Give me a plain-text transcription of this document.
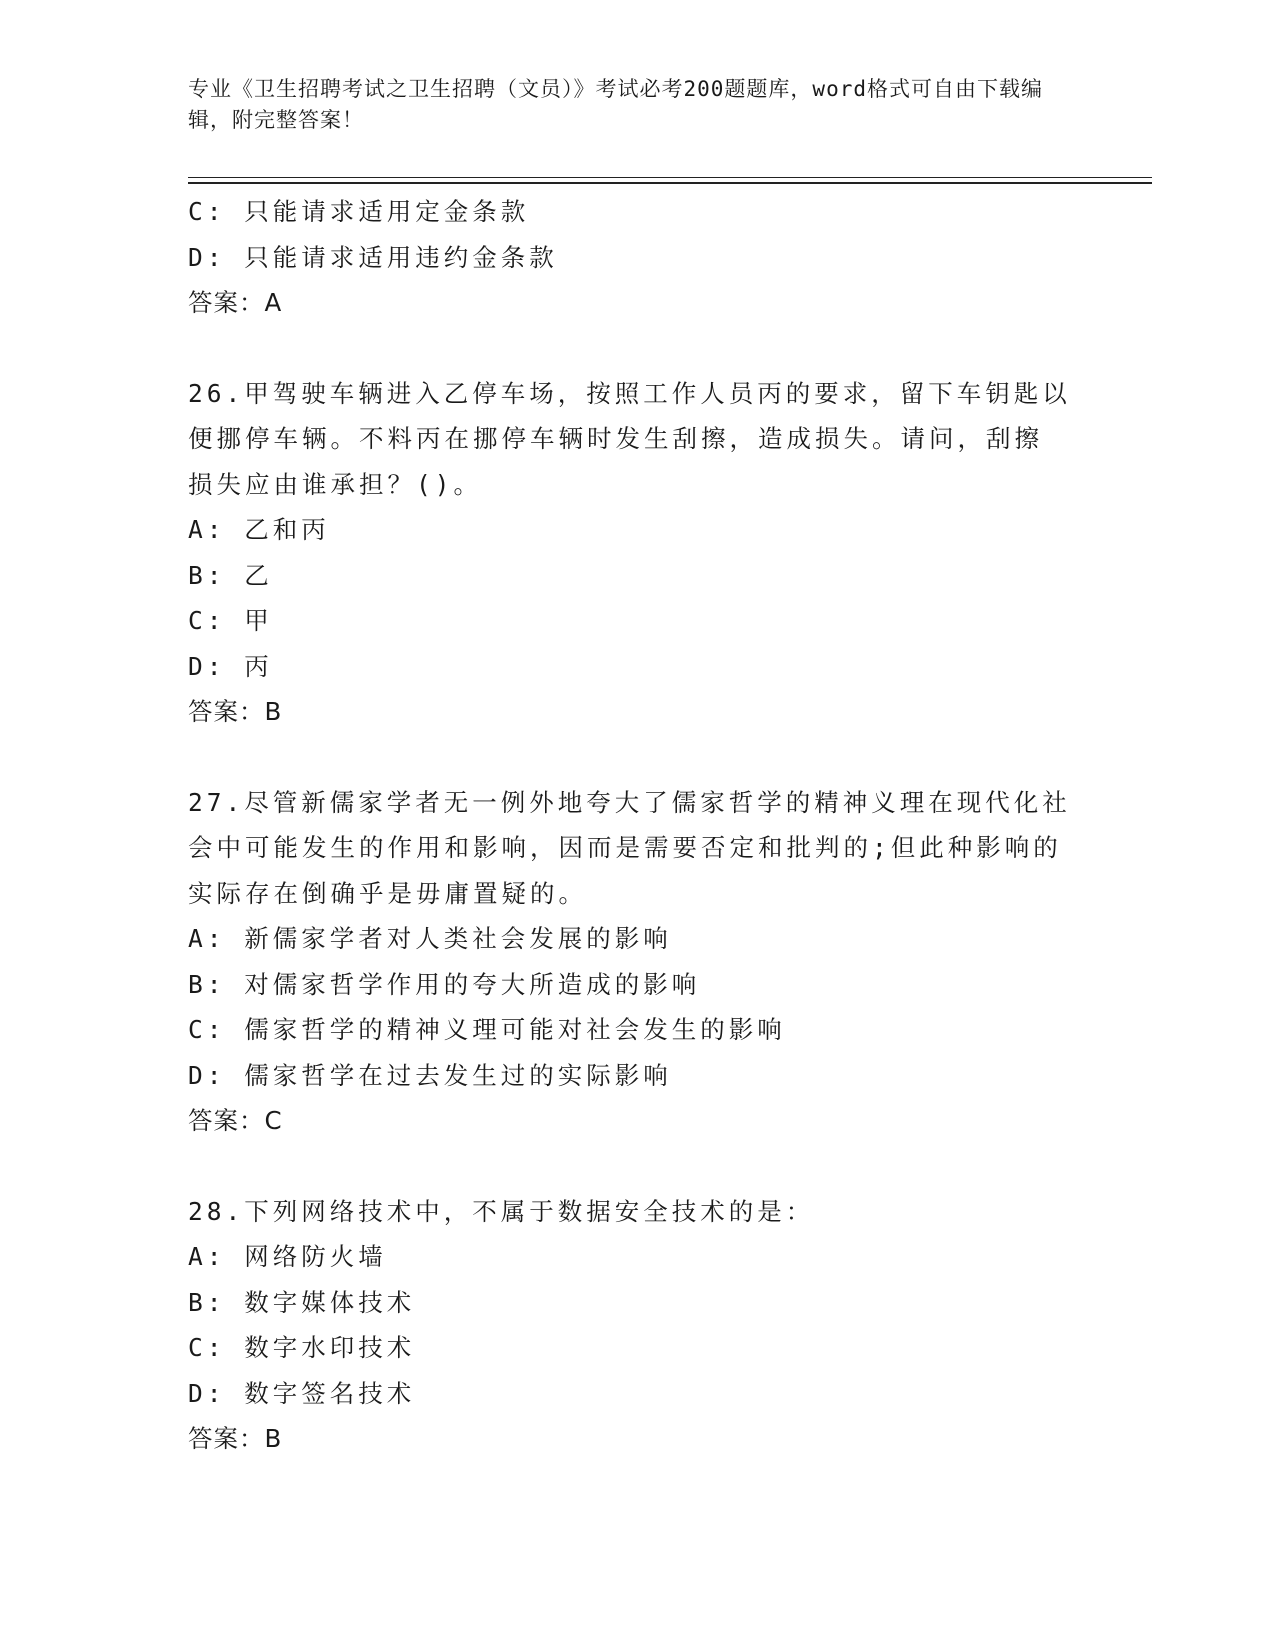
专业《卫生招聘考试之卫生招聘（文员）》考试必考200题题库，word格式可自由下载编辑，附完整答案！

C: 只能请求适用定金条款

D: 只能请求适用违约金条款

答案：A

26.甲驾驶车辆进入乙停车场，按照工作人员丙的要求，留下车钥匙以

便挪停车辆。不料丙在挪停车辆时发生刮擦，造成损失。请问，刮擦

损失应由谁承担？()。

A: 乙和丙

B: 乙

C: 甲

D: 丙

答案：B

27.尽管新儒家学者无一例外地夸大了儒家哲学的精神义理在现代化社

会中可能发生的作用和影响，因而是需要否定和批判的;但此种影响的

实际存在倒确乎是毋庸置疑的。

A: 新儒家学者对人类社会发展的影响

B: 对儒家哲学作用的夸大所造成的影响

C: 儒家哲学的精神义理可能对社会发生的影响

D: 儒家哲学在过去发生过的实际影响

答案：C

28.下列网络技术中，不属于数据安全技术的是：

A: 网络防火墙

B: 数字媒体技术

C: 数字水印技术

D: 数字签名技术

答案：B
